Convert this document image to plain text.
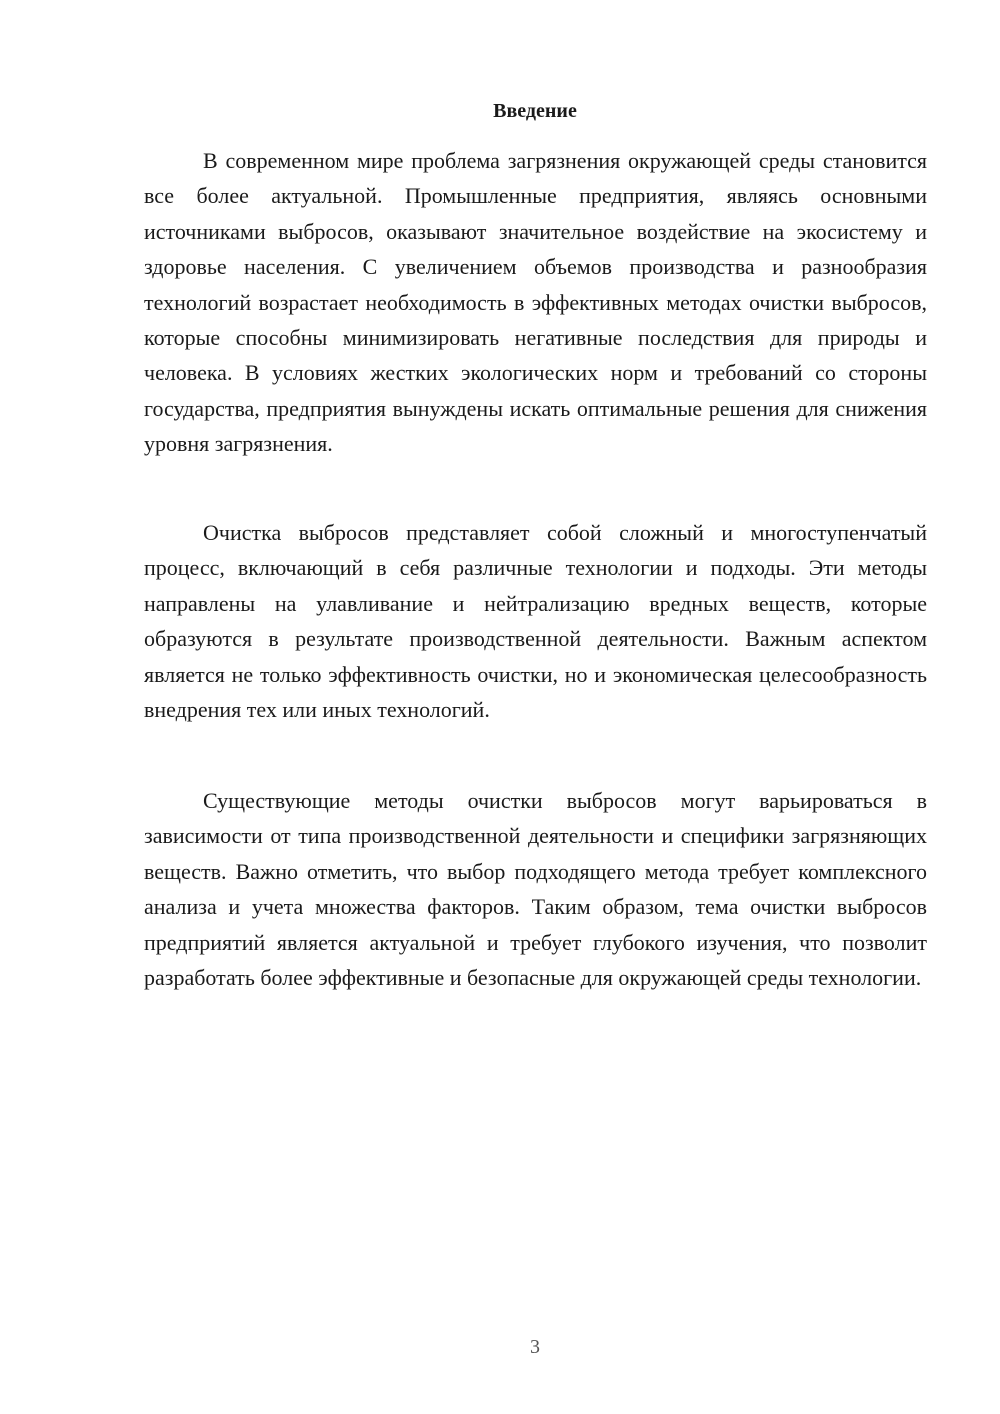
Введение

В современном мире проблема загрязнения окружающей среды становится все более актуальной. Промышленные предприятия, являясь основными источниками выбросов, оказывают значительное воздействие на экосистему и здоровье населения. С увеличением объемов производства и разнообразия технологий возрастает необходимость в эффективных методах очистки выбросов, которые способны минимизировать негативные последствия для природы и человека. В условиях жестких экологических норм и требований со стороны государства, предприятия вынуждены искать оптимальные решения для снижения уровня загрязнения.

Очистка выбросов представляет собой сложный и многоступенчатый процесс, включающий в себя различные технологии и подходы. Эти методы направлены на улавливание и нейтрализацию вредных веществ, которые образуются в результате производственной деятельности. Важным аспектом является не только эффективность очистки, но и экономическая целесообразность внедрения тех или иных технологий.

Существующие методы очистки выбросов могут варьироваться в зависимости от типа производственной деятельности и специфики загрязняющих веществ. Важно отметить, что выбор подходящего метода требует комплексного анализа и учета множества факторов. Таким образом, тема очистки выбросов предприятий является актуальной и требует глубокого изучения, что позволит разработать более эффективные и безопасные для окружающей среды технологии.

3
